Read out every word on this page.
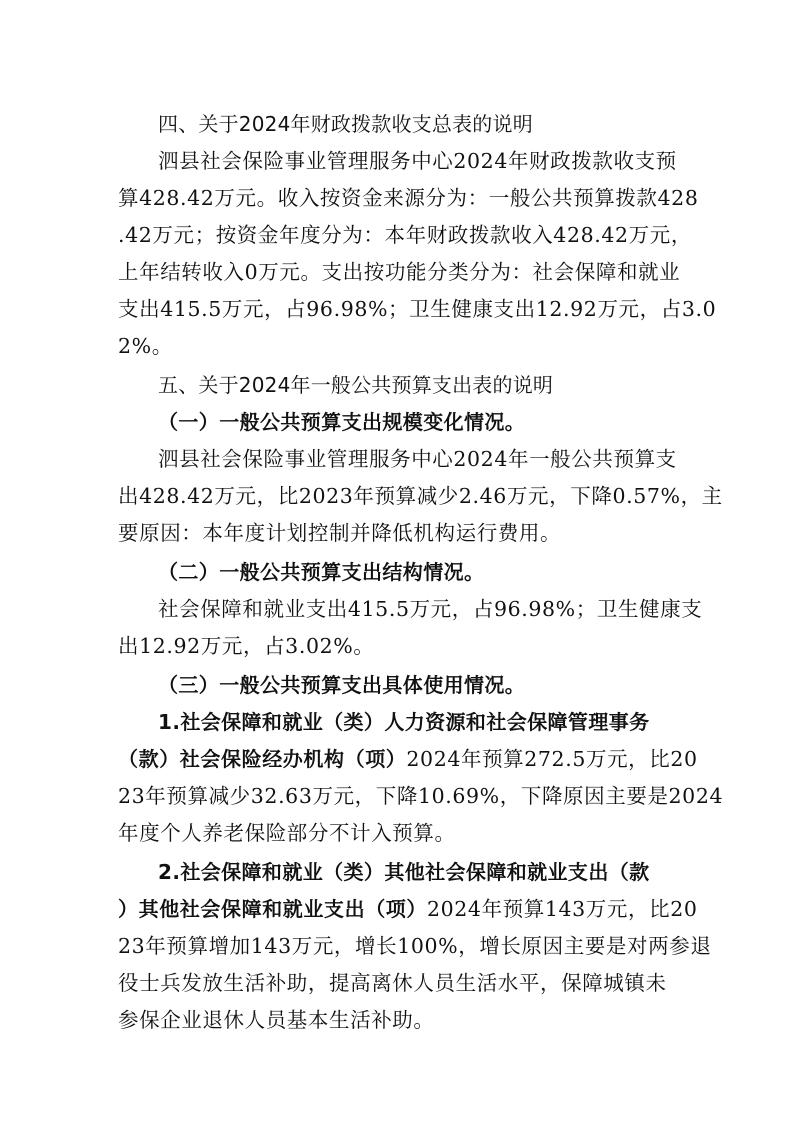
四、关于2024年财政拨款收支总表的说明
泗县社会保险事业管理服务中心2024年财政拨款收支预
算428.42万元。收入按资金来源分为：一般公共预算拨款428
.42万元；按资金年度分为：本年财政拨款收入428.42万元，
上年结转收入0万元。支出按功能分类分为：社会保障和就业
支出415.5万元，占96.98%；卫生健康支出12.92万元，占3.0
2%。
五、关于2024年一般公共预算支出表的说明
（一）一般公共预算支出规模变化情况。
泗县社会保险事业管理服务中心2024年一般公共预算支
出428.42万元，比2023年预算减少2.46万元，下降0.57%，主
要原因：本年度计划控制并降低机构运行费用。
（二）一般公共预算支出结构情况。
社会保障和就业支出415.5万元，占96.98%；卫生健康支
出12.92万元，占3.02%。
（三）一般公共预算支出具体使用情况。
1.社会保障和就业（类）人力资源和社会保障管理事务
（款）社会保险经办机构（项）2024年预算272.5万元，比20
23年预算减少32.63万元，下降10.69%，下降原因主要是2024
年度个人养老保险部分不计入预算。
2.社会保障和就业（类）其他社会保障和就业支出（款
）其他社会保障和就业支出（项）2024年预算143万元，比20
23年预算增加143万元，增长100%，增长原因主要是对两参退
役士兵发放生活补助，提高离休人员生活水平，保障城镇未
参保企业退休人员基本生活补助。
